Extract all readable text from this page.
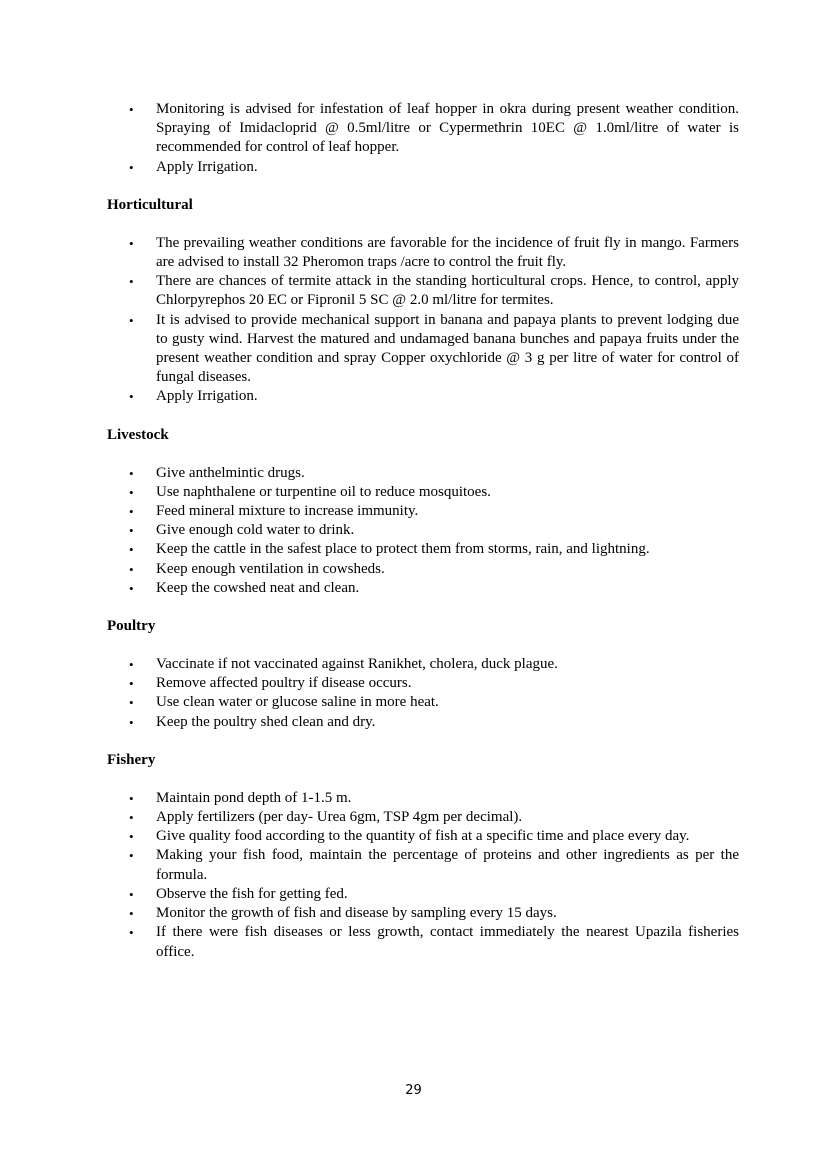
• Monitoring is advised for infestation of leaf hopper in okra during present weather condition. Spraying of Imidacloprid @ 0.5ml/litre or Cypermethrin 10EC @ 1.0ml/litre of water is recommended for control of leaf hopper.
• Apply Irrigation.
Horticultural
• The prevailing weather conditions are favorable for the incidence of fruit fly in mango. Farmers are advised to install 32 Pheromon traps /acre to control the fruit fly.
• There are chances of termite attack in the standing horticultural crops. Hence, to control, apply Chlorpyrephos 20 EC or Fipronil 5 SC @ 2.0 ml/litre for termites.
• It is advised to provide mechanical support in banana and papaya plants to prevent lodging due to gusty wind. Harvest the matured and undamaged banana bunches and papaya fruits under the present weather condition and spray Copper oxychloride @ 3 g per litre of water for control of fungal diseases.
• Apply Irrigation.
Livestock
• Give anthelmintic drugs.
• Use naphthalene or turpentine oil to reduce mosquitoes.
• Feed mineral mixture to increase immunity.
• Give enough cold water to drink.
• Keep the cattle in the safest place to protect them from storms, rain, and lightning.
• Keep enough ventilation in cowsheds.
• Keep the cowshed neat and clean.
Poultry
• Vaccinate if not vaccinated against Ranikhet, cholera, duck plague.
• Remove affected poultry if disease occurs.
• Use clean water or glucose saline in more heat.
• Keep the poultry shed clean and dry.
Fishery
• Maintain pond depth of 1-1.5 m.
• Apply fertilizers (per day- Urea 6gm, TSP 4gm per decimal).
• Give quality food according to the quantity of fish at a specific time and place every day.
• Making your fish food, maintain the percentage of proteins and other ingredients as per the formula.
• Observe the fish for getting fed.
• Monitor the growth of fish and disease by sampling every 15 days.
• If there were fish diseases or less growth, contact immediately the nearest Upazila fisheries office.
29
